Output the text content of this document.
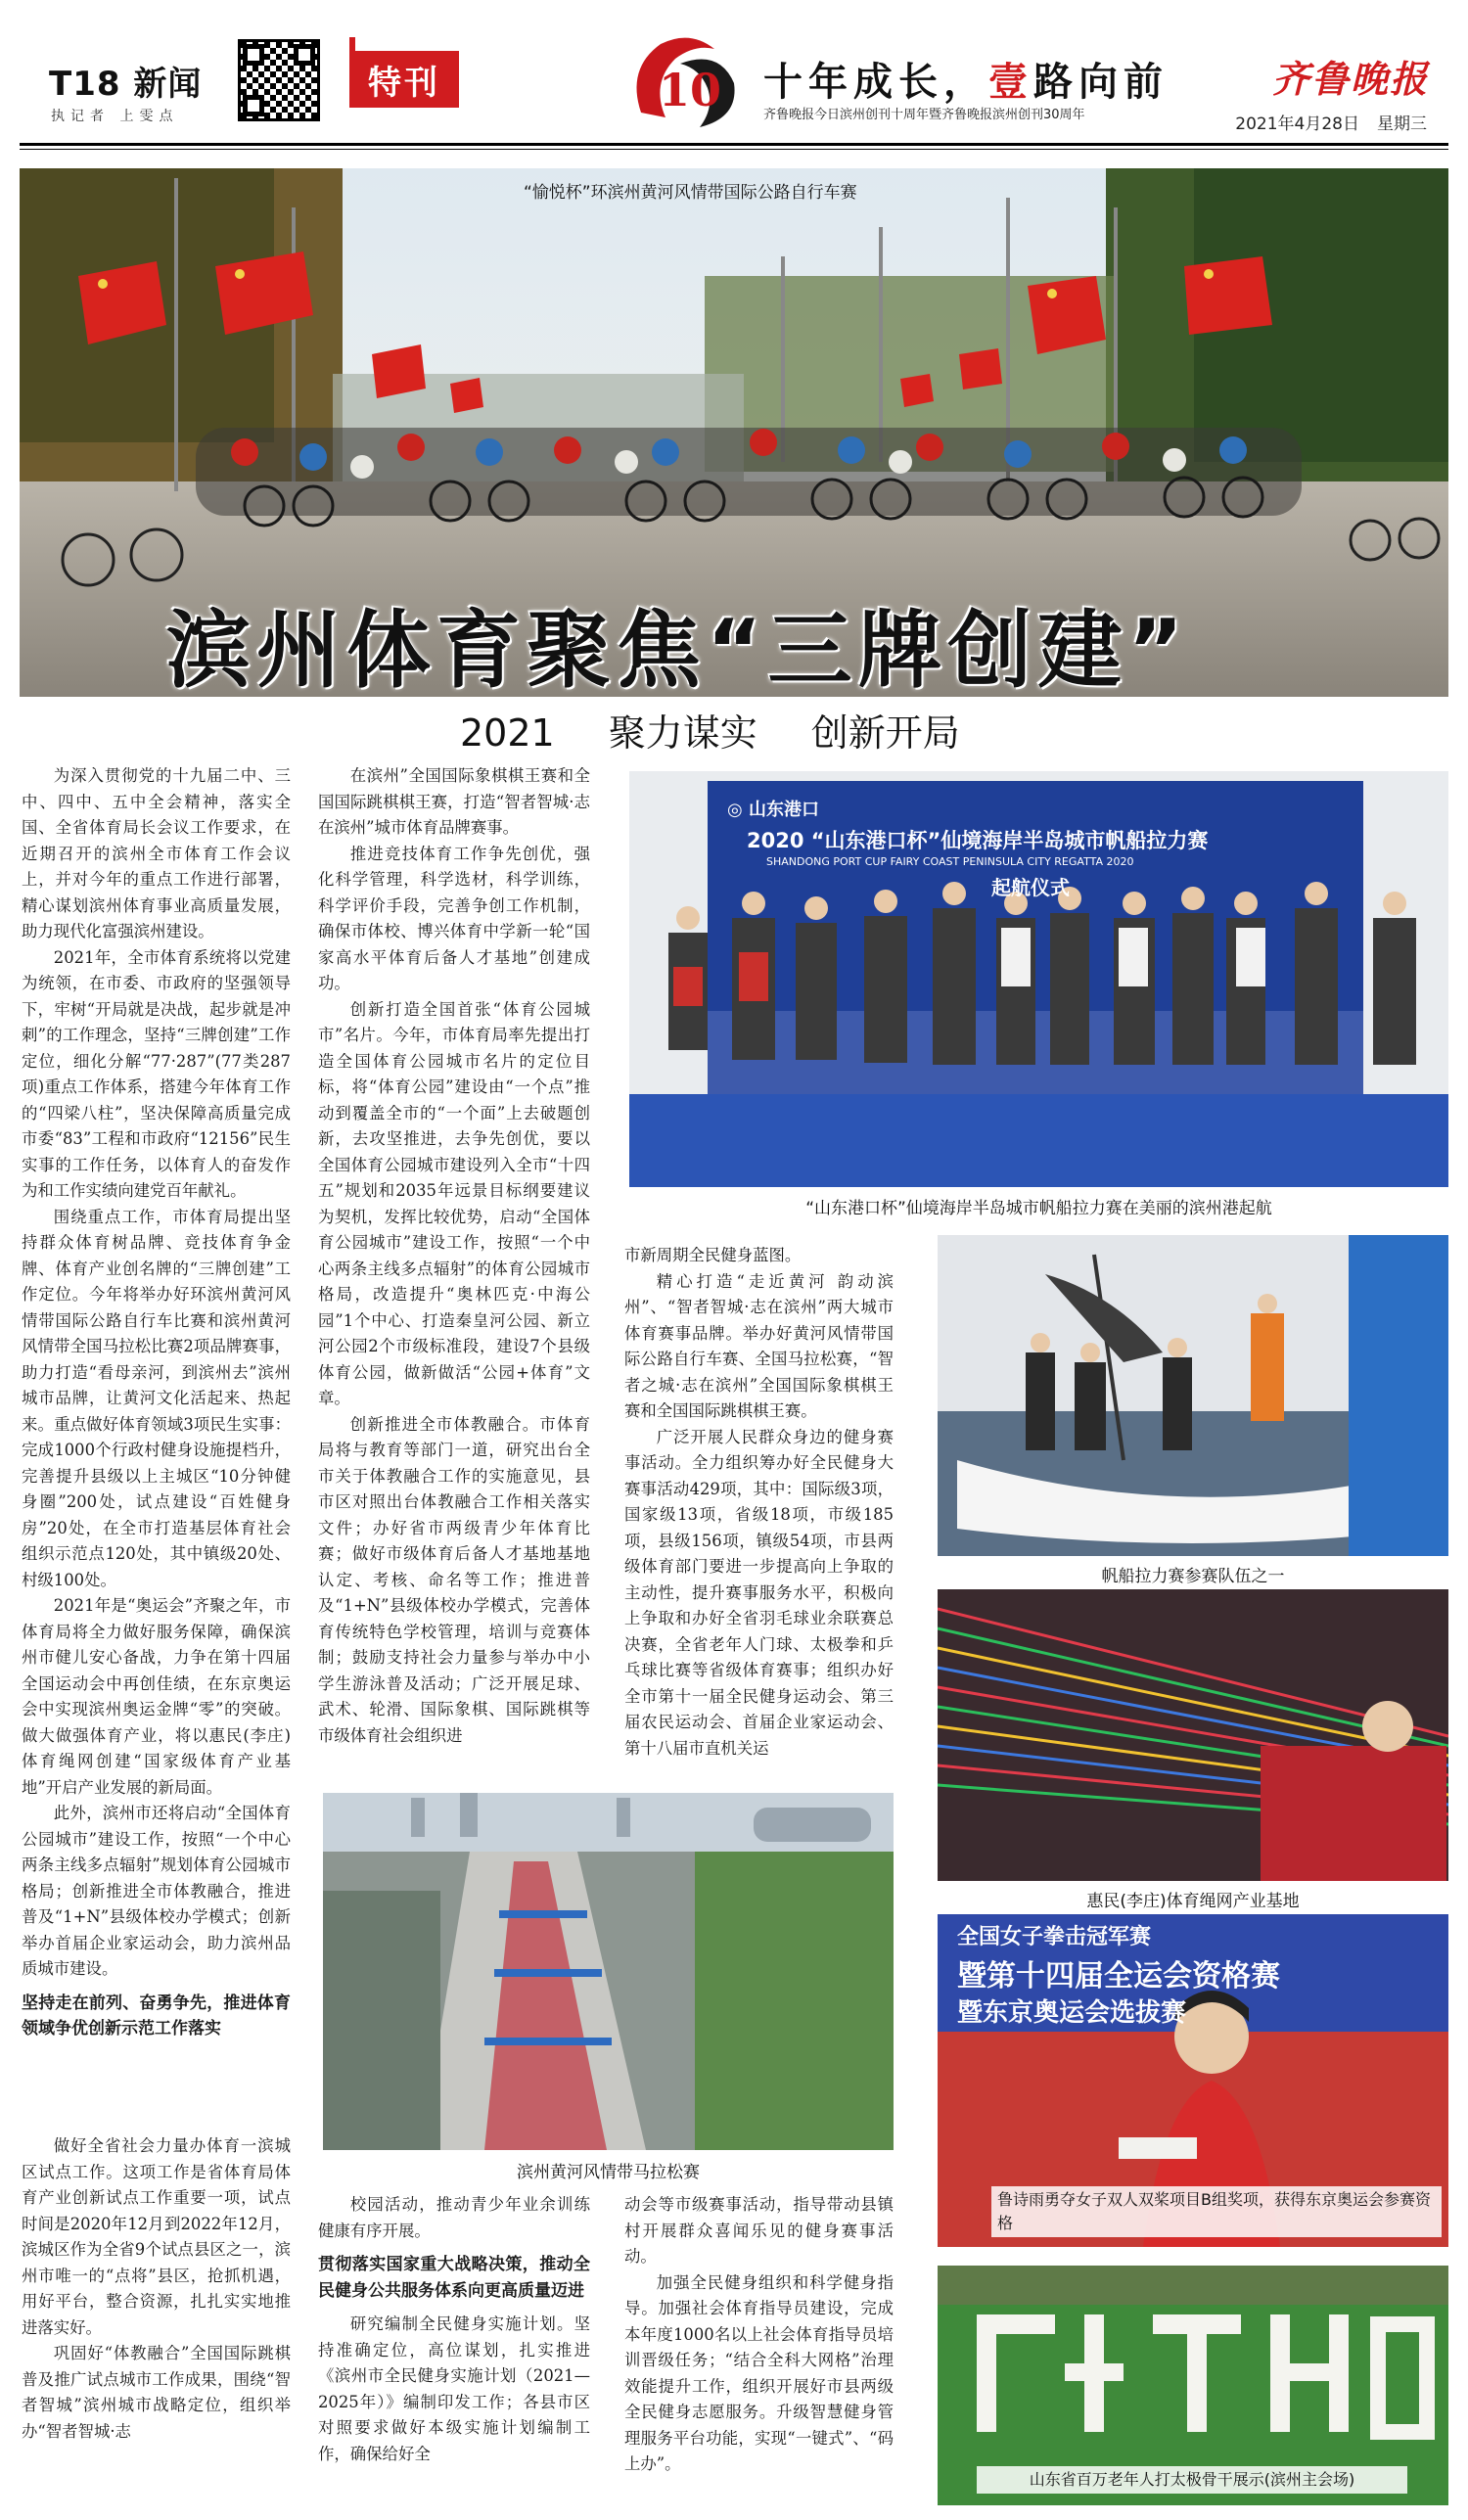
T18 新闻
执记者 上雯点
特刊	10 十年成长，壹路向前
齐鲁晚报今日滨州创刊十周年暨齐鲁晚报滨州创刊30周年
齐鲁晚报
2021年4月28日 星期三
“愉悦杯”环滨州黄河风情带国际公路自行车赛
滨州体育聚焦“三牌创建”
2021 聚力谋实 创新开局

为深入贯彻党的十九届二中、三中、四中、五中全会精神，落实全国、全省体育局长会议工作要求，在近期召开的滨州全市体育工作会议上，并对今年的重点工作进行部署，精心谋划滨州体育事业高质量发展，助力现代化富强滨州建设。

2021年，全市体育系统将以党建为统领，在市委、市政府的坚强领导下，牢树“开局就是决战，起步就是冲刺”的工作理念，坚持“三牌创建”工作定位，细化分解“77·287”(77类287项)重点工作体系，搭建今年体育工作的“四梁八柱”，坚决保障高质量完成市委“83”工程和市政府“12156”民生实事的工作任务，以体育人的奋发作为和工作实绩向建党百年献礼。

围绕重点工作，市体育局提出坚持群众体育树品牌、竞技体育争金牌、体育产业创名牌的“三牌创建”工作定位。今年将举办好环滨州黄河风情带国际公路自行车比赛和滨州黄河风情带全国马拉松比赛2项品牌赛事，助力打造“看母亲河，到滨州去”滨州城市品牌，让黄河文化活起来、热起来。重点做好体育领域3项民生实事：完成1000个行政村健身设施提档升，完善提升县级以上主城区“10分钟健身圈”200处，试点建设“百姓健身房”20处，在全市打造基层体育社会组织示范点120处，其中镇级20处、村级100处。

2021年是“奥运会”齐聚之年，市体育局将全力做好服务保障，确保滨州市健儿安心备战，力争在第十四届全国运动会中再创佳绩，在东京奥运会中实现滨州奥运金牌“零”的突破。做大做强体育产业，将以惠民(李庄)体育绳网创建“国家级体育产业基地”开启产业发展的新局面。

此外，滨州市还将启动“全国体育公园城市”建设工作，按照“一个中心两条主线多点辐射”规划体育公园城市格局；创新推进全市体教融合，推进普及“1+N”县级体校办学模式；创新举办首届企业家运动会，助力滨州品质城市建设。

坚持走在前列、奋勇争先，推进体育领域争优创新示范工作落实

做好全省社会力量办体育一滨城区试点工作。这项工作是省体育局体育产业创新试点工作重要一项，试点时间是2020年12月到2022年12月，滨城区作为全省9个试点县区之一，滨州市唯一的“点将”县区，抢抓机遇，用好平台，整合资源，扎扎实实地推进落实好。

巩固好“体教融合”全国国际跳棋普及推广试点城市工作成果，围绕“智者智城”滨州城市战略定位，组织举办“智者智城·志

在滨州”全国国际象棋棋王赛和全国国际跳棋棋王赛，打造“智者智城·志在滨州”城市体育品牌赛事。

推进竞技体育工作争先创优，强化科学管理，科学选材，科学训练，科学评价手段，完善争创工作机制，确保市体校、博兴体育中学新一轮“国家高水平体育后备人才基地”创建成功。

创新打造全国首张“体育公园城市”名片。今年，市体育局率先提出打造全国体育公园城市名片的定位目标，将“体育公园”建设由“一个点”推动到覆盖全市的“一个面”上去破题创新，去攻坚推进，去争先创优，要以全国体育公园城市建设列入全市“十四五”规划和2035年远景目标纲要建议为契机，发挥比较优势，启动“全国体育公园城市”建设工作，按照“一个中心两条主线多点辐射”的体育公园城市格局，改造提升“奥林匹克·中海公园”1个中心、打造秦皇河公园、新立河公园2个市级标准段，建设7个县级体育公园，做新做活“公园+体育”文章。

创新推进全市体教融合。市体育局将与教育等部门一道，研究出台全市关于体教融合工作的实施意见，县市区对照出台体教融合工作相关落实文件；办好省市两级青少年体育比赛；做好市级体育后备人才基地基地认定、考核、命名等工作；推进普及“1+N”县级体校办学模式，完善体育传统特色学校管理，培训与竞赛体制；鼓励支持社会力量参与举办中小学生游泳普及活动；广泛开展足球、武术、轮滑、国际象棋、国际跳棋等市级体育社会组织进

校园活动，推动青少年业余训练健康有序开展。

贯彻落实国家重大战略决策，推动全民健身公共服务体系向更高质量迈进

研究编制全民健身实施计划。坚持准确定位，高位谋划，扎实推进《滨州市全民健身实施计划（2021—2025年）》编制印发工作；各县市区对照要求做好本级实施计划编制工作，确保给好全

市新周期全民健身蓝图。

精心打造“走近黄河 韵动滨州”、“智者智城·志在滨州”两大城市体育赛事品牌。举办好黄河风情带国际公路自行车赛、全国马拉松赛，“智者之城·志在滨州”全国国际象棋棋王赛和全国国际跳棋棋王赛。

广泛开展人民群众身边的健身赛事活动。全力组织筹办好全民健身大赛事活动429项，其中：国际级3项，国家级13项，省级18项，市级185项，县级156项，镇级54项，市县两级体育部门要进一步提高向上争取的主动性，提升赛事服务水平，积极向上争取和办好全省羽毛球业余联赛总决赛，全省老年人门球、太极拳和乒乓球比赛等省级体育赛事；组织办好全市第十一届全民健身运动会、第三届农民运动会、首届企业家运动会、第十八届市直机关运

动会等市级赛事活动，指导带动县镇村开展群众喜闻乐见的健身赛事活动。

加强全民健身组织和科学健身指导。加强社会体育指导员建设，完成本年度1000名以上社会体育指导员培训晋级任务；“结合全科大网格”治理效能提升工作，组织开展好市县两级全民健身志愿服务。升级智慧健身管理服务平台功能，实现“一键式”、“码上办”。

◎ 山东港口
2020 “山东港口杯”仙境海岸半岛城市帆船拉力赛
SHANDONG PORT CUP FAIRY COAST PENINSULA CITY REGATTA 2020
起航仪式
“山东港口杯”仙境海岸半岛城市帆船拉力赛在美丽的滨州港起航
帆船拉力赛参赛队伍之一
惠民(李庄)体育绳网产业基地
滨州黄河风情带马拉松赛
全国女子拳击冠军赛
暨第十四届全运会资格赛
暨东京奥运会选拔赛
鲁诗雨勇夺女子双人双桨项目B组奖项，获得东京奥运会参赛资格
山东省百万老年人打太极骨干展示(滨州主会场)
